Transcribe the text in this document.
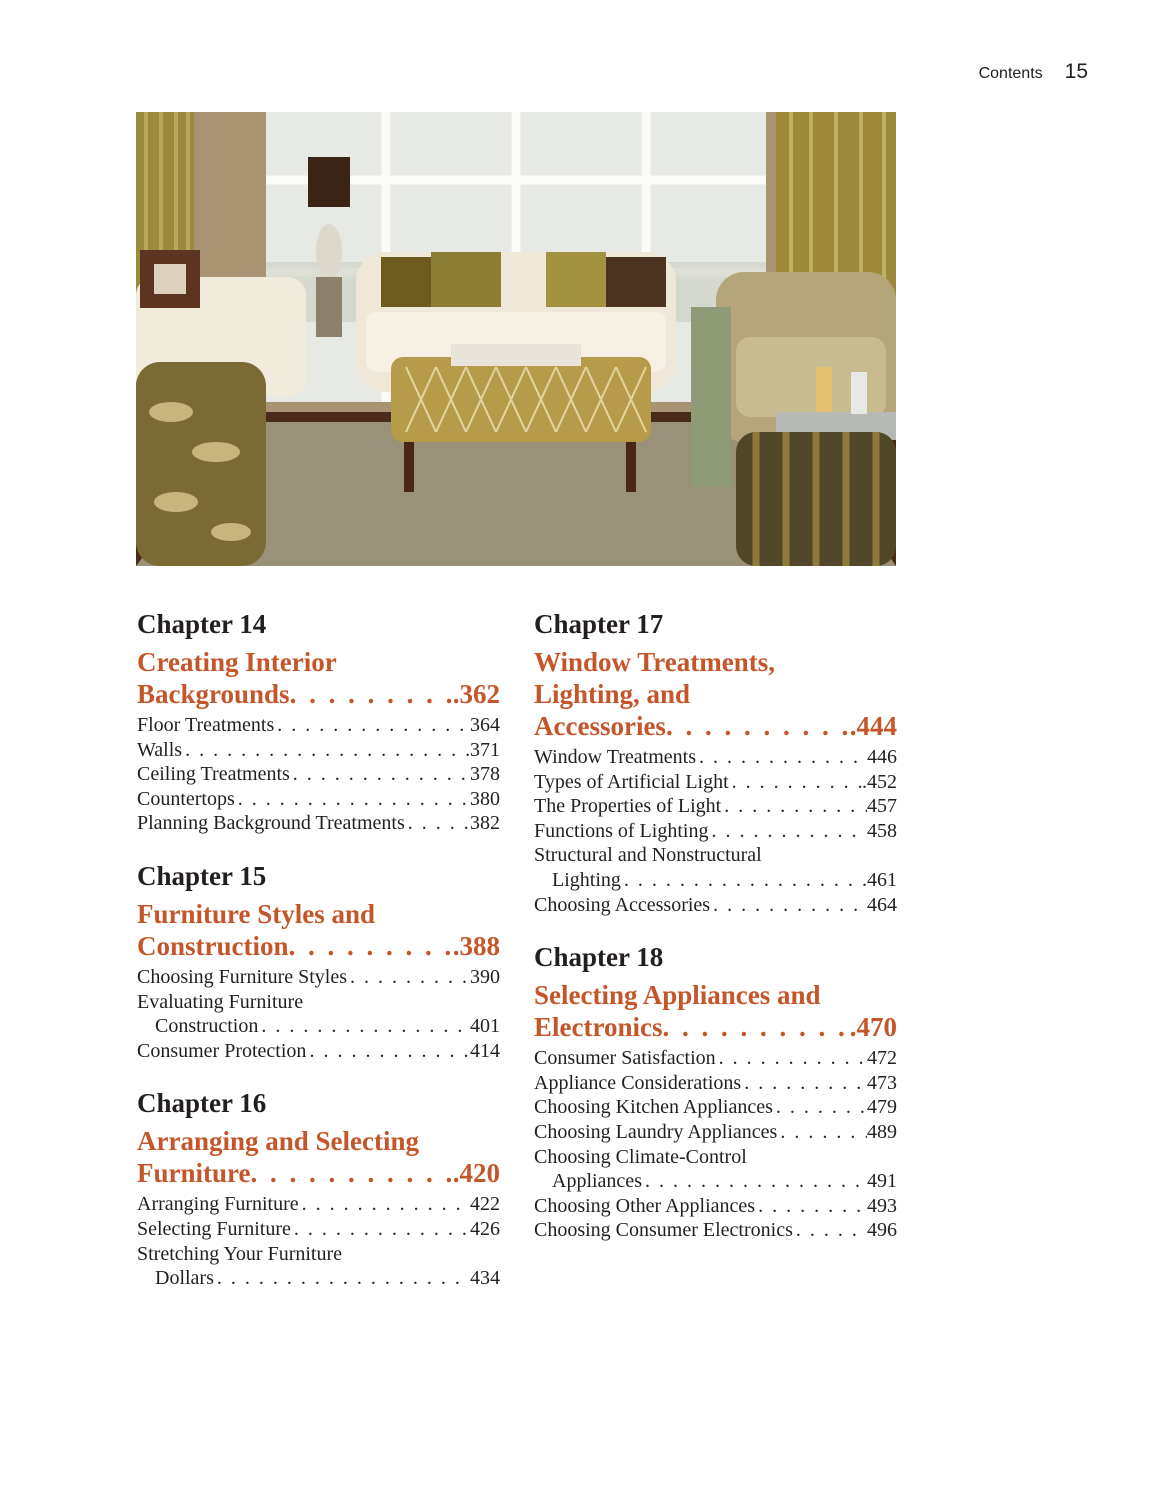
Contents 15
Chapter 14
Creating Interior
Backgrounds . . .	.362
Floor Treatments . . .	364
Walls . . .	371
Ceiling Treatments . . .	378
Countertops . . .	380
Planning Background Treatments . . .	382
Chapter 15
Furniture Styles and
Construction . . .	.388
Choosing Furniture Styles . . .	390
Evaluating Furniture
Construction . . .	401
Consumer Protection . . .	414
Chapter 16
Arranging and Selecting
Furniture . . .	.420
Arranging Furniture . . .	422
Selecting Furniture . . .	426
Stretching Your Furniture
Dollars . . .	434
Chapter 17
Window Treatments,
Lighting, and
Accessories . . .	.444
Window Treatments . . .	446
Types of Artificial Light . . .	.452
The Properties of Light . . .	457
Functions of Lighting . . .	458
Structural and Nonstructural
Lighting . . .	.461
Choosing Accessories . . .	464
Chapter 18
Selecting Appliances and
Electronics . . .	.470
Consumer Satisfaction . . .	472
Appliance Considerations . . .	473
Choosing Kitchen Appliances . . .	479
Choosing Laundry Appliances . . .	489
Choosing Climate-Control
Appliances . . .	491
Choosing Other Appliances . . .	493
Choosing Consumer Electronics . . .	496
